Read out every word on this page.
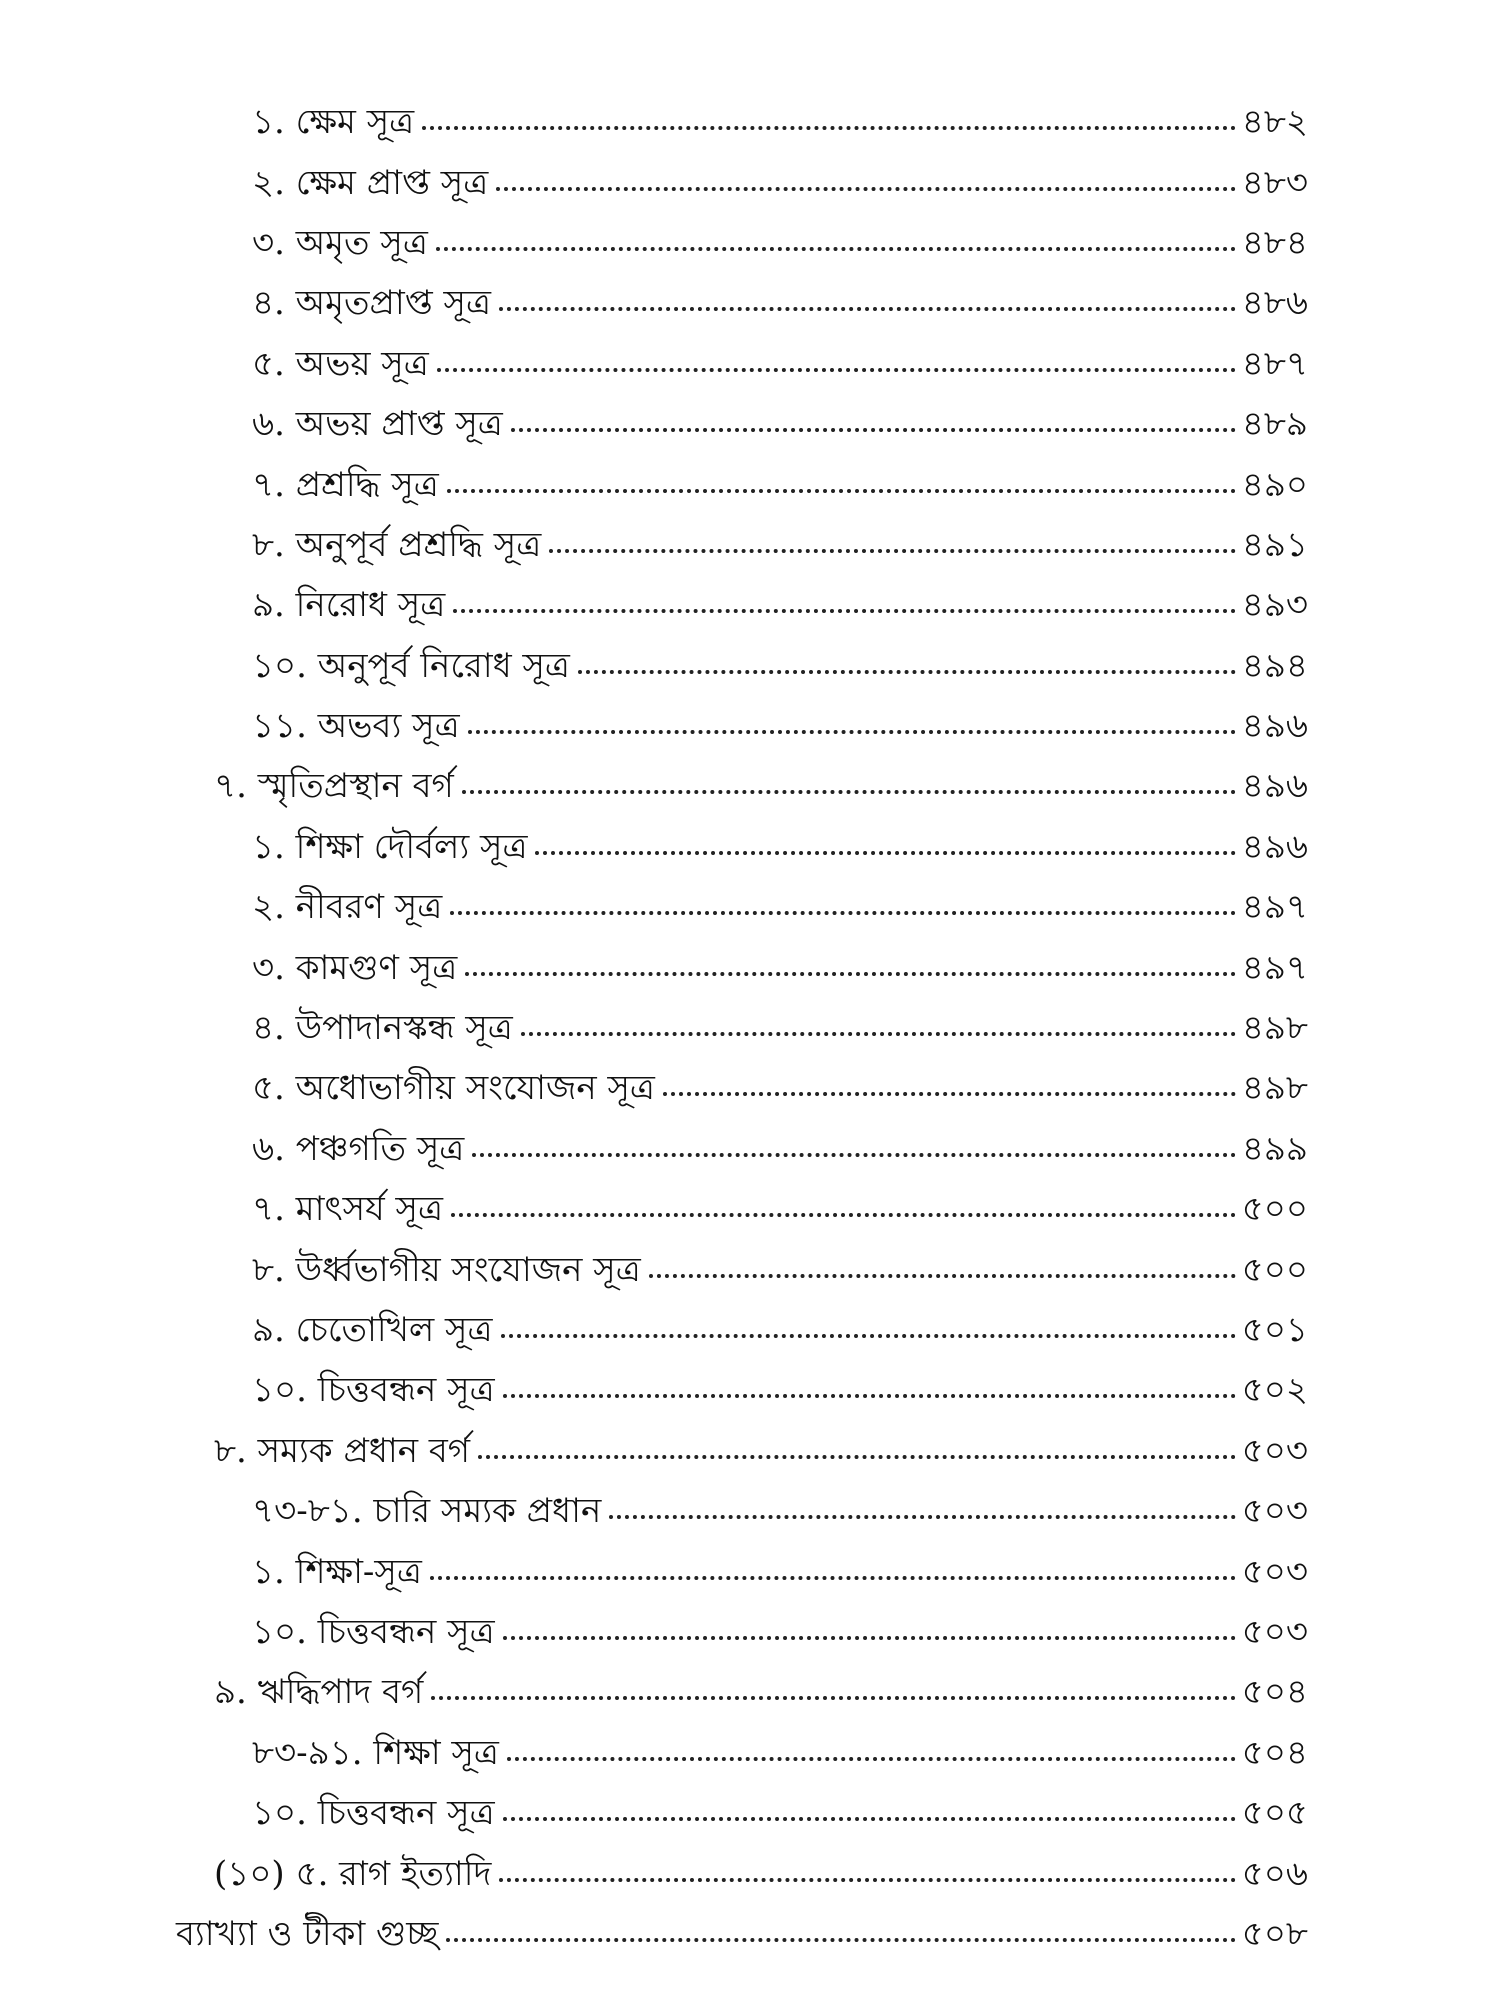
১. ক্ষেম সূত্র	৪৮২
২. ক্ষেম প্রাপ্ত সূত্র	৪৮৩
৩. অমৃত সূত্র	৪৮৪
৪. অমৃতপ্রাপ্ত সূত্র	৪৮৬
৫. অভয় সূত্র	৪৮৭
৬. অভয় প্রাপ্ত সূত্র	৪৮৯
৭. প্রশ্রদ্ধি সূত্র	৪৯০
৮. অনুপূর্ব প্রশ্রদ্ধি সূত্র	৪৯১
৯. নিরোধ সূত্র	৪৯৩
১০. অনুপূর্ব নিরোধ সূত্র	৪৯৪
১১. অভব্য সূত্র	৪৯৬
৭. স্মৃতিপ্রস্থান বর্গ	৪৯৬
১. শিক্ষা দৌর্বল্য সূত্র	৪৯৬
২. নীবরণ সূত্র	৪৯৭
৩. কামগুণ সূত্র	৪৯৭
৪. উপাদানস্কন্ধ সূত্র	৪৯৮
৫. অধোভাগীয় সংযোজন সূত্র	৪৯৮
৬. পঞ্চগতি সূত্র	৪৯৯
৭. মাৎসর্য সূত্র	৫০০
৮. উর্ধ্বভাগীয় সংযোজন সূত্র	৫০০
৯. চেতোখিল সূত্র	৫০১
১০. চিত্তবন্ধন সূত্র	৫০২
৮. সম্যক প্রধান বর্গ	৫০৩
৭৩-৮১. চারি সম্যক প্রধান	৫০৩
১. শিক্ষা-সূত্র	৫০৩
১০. চিত্তবন্ধন সূত্র	৫০৩
৯. ঋদ্ধিপাদ বর্গ	৫০৪
৮৩-৯১. শিক্ষা সূত্র	৫০৪
১০. চিত্তবন্ধন সূত্র	৫০৫
(১০) ৫. রাগ ইত্যাদি	৫০৬
ব্যাখ্যা ও টীকা গুচ্ছ	৫০৮
